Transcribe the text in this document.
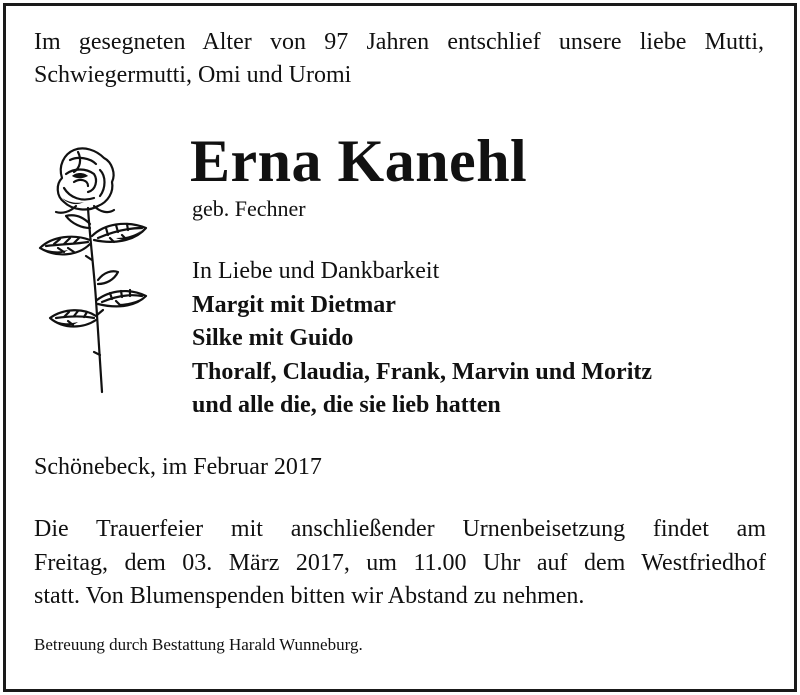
Im gesegneten Alter von 97 Jahren entschlief unsere liebe Mutti, Schwiegermutti, Omi und Uromi

Erna Kanehl

geb. Fechner

In Liebe und Dankbarkeit
Margit mit Dietmar
Silke mit Guido
Thoralf, Claudia, Frank, Marvin und Moritz
und alle die, die sie lieb hatten

Schönebeck, im Februar 2017

Die Trauerfeier mit anschließender Urnenbeisetzung findet am
Freitag, dem 03. März 2017, um 11.00 Uhr auf dem Westfriedhof
statt. Von Blumenspenden bitten wir Abstand zu nehmen.

Betreuung durch Bestattung Harald Wunneburg.
